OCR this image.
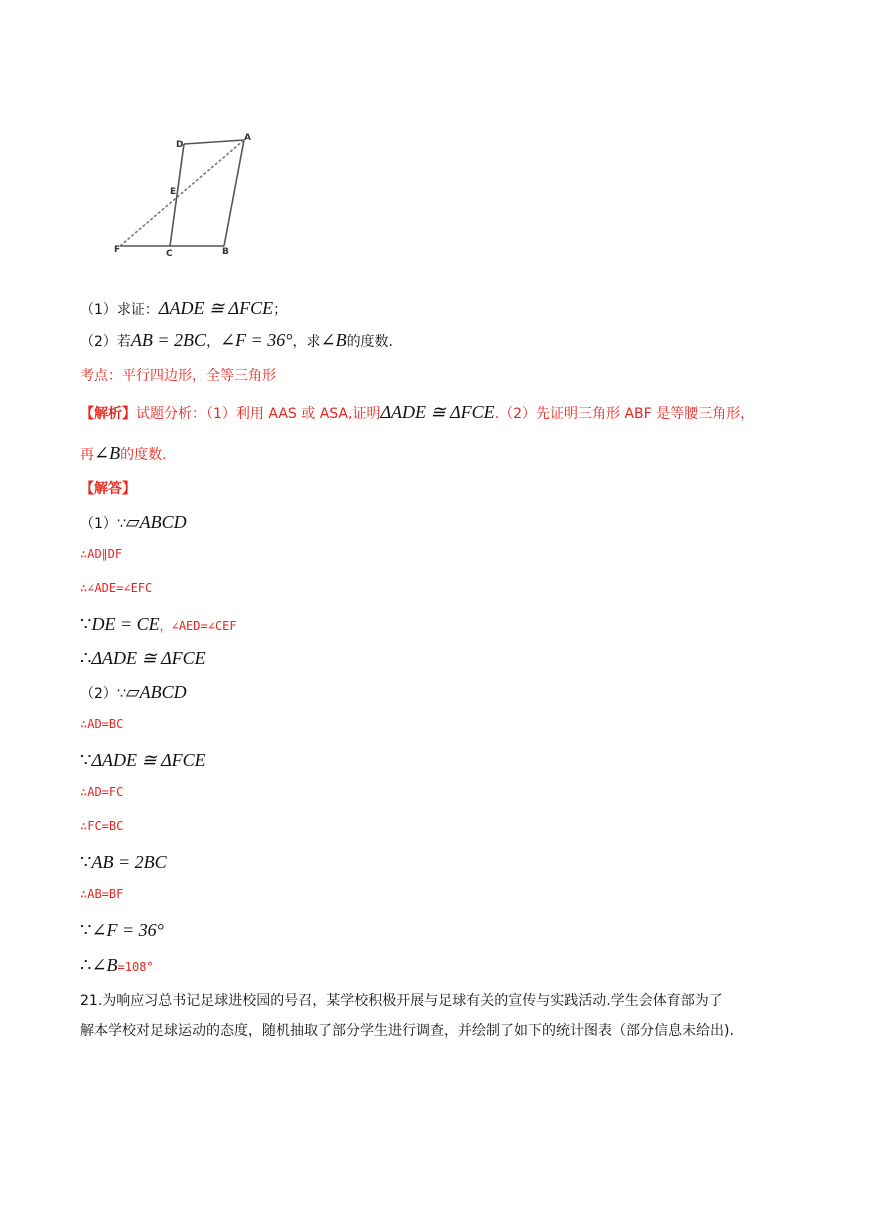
D
A
E
F	C	B
（1）求证：ΔADE ≅ ΔFCE；
（2）若AB = 2BC，∠F = 36°，求∠B的度数.
考点：平行四边形，全等三角形
【解析】试题分析：（1）利用 AAS 或 ASA,证明ΔADE ≅ ΔFCE.（2）先证明三角形 ABF 是等腰三角形，
再∠B的度数.
【解答】
（1）∵▱ABCD
∴AD∥DF
∴∠ADE=∠EFC
∵DE = CE，∠AED=∠CEF
∴ΔADE ≅ ΔFCE
（2）∵▱ABCD
∴AD=BC
∵ΔADE ≅ ΔFCE
∴AD=FC
∴FC=BC
∵AB = 2BC
∴AB=BF
∵∠F = 36°
∴∠B=108°
21.为响应习总书记足球进校园的号召，某学校积极开展与足球有关的宣传与实践活动.学生会体育部为了
解本学校对足球运动的态度，随机抽取了部分学生进行调查，并绘制了如下的统计图表（部分信息未给出).
